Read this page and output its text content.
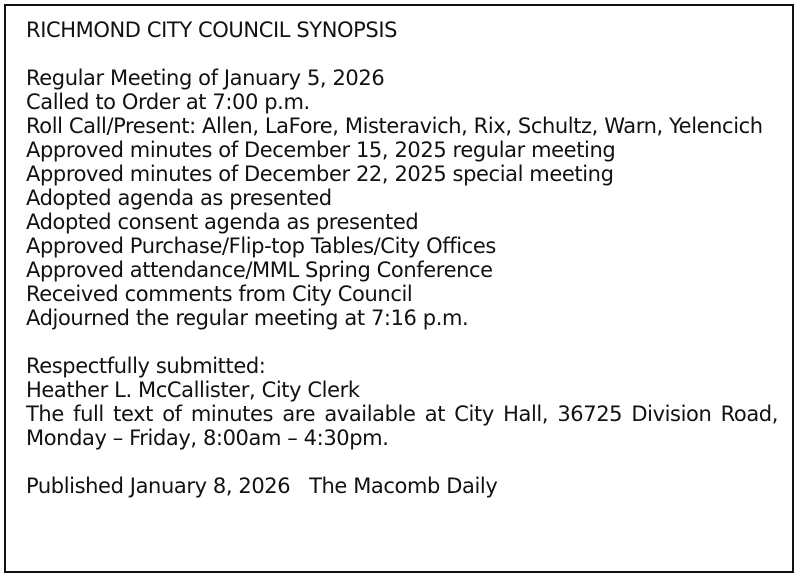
RICHMOND CITY COUNCIL SYNOPSIS
Regular Meeting of January 5, 2026
Called to Order at 7:00 p.m.
Roll Call/Present: Allen, LaFore, Misteravich, Rix, Schultz, Warn, Yelencich
Approved minutes of December 15, 2025 regular meeting
Approved minutes of December 22, 2025 special meeting
Adopted agenda as presented
Adopted consent agenda as presented
Approved Purchase/Flip-top Tables/City Offices
Approved attendance/MML Spring Conference
Received comments from City Council
Adjourned the regular meeting at 7:16 p.m.
Respectfully submitted:
Heather L. McCallister, City Clerk
The full text of minutes are available at City Hall, 36725 Division Road, Monday – Friday, 8:00am – 4:30pm.
Published January 8, 2026 The Macomb Daily
